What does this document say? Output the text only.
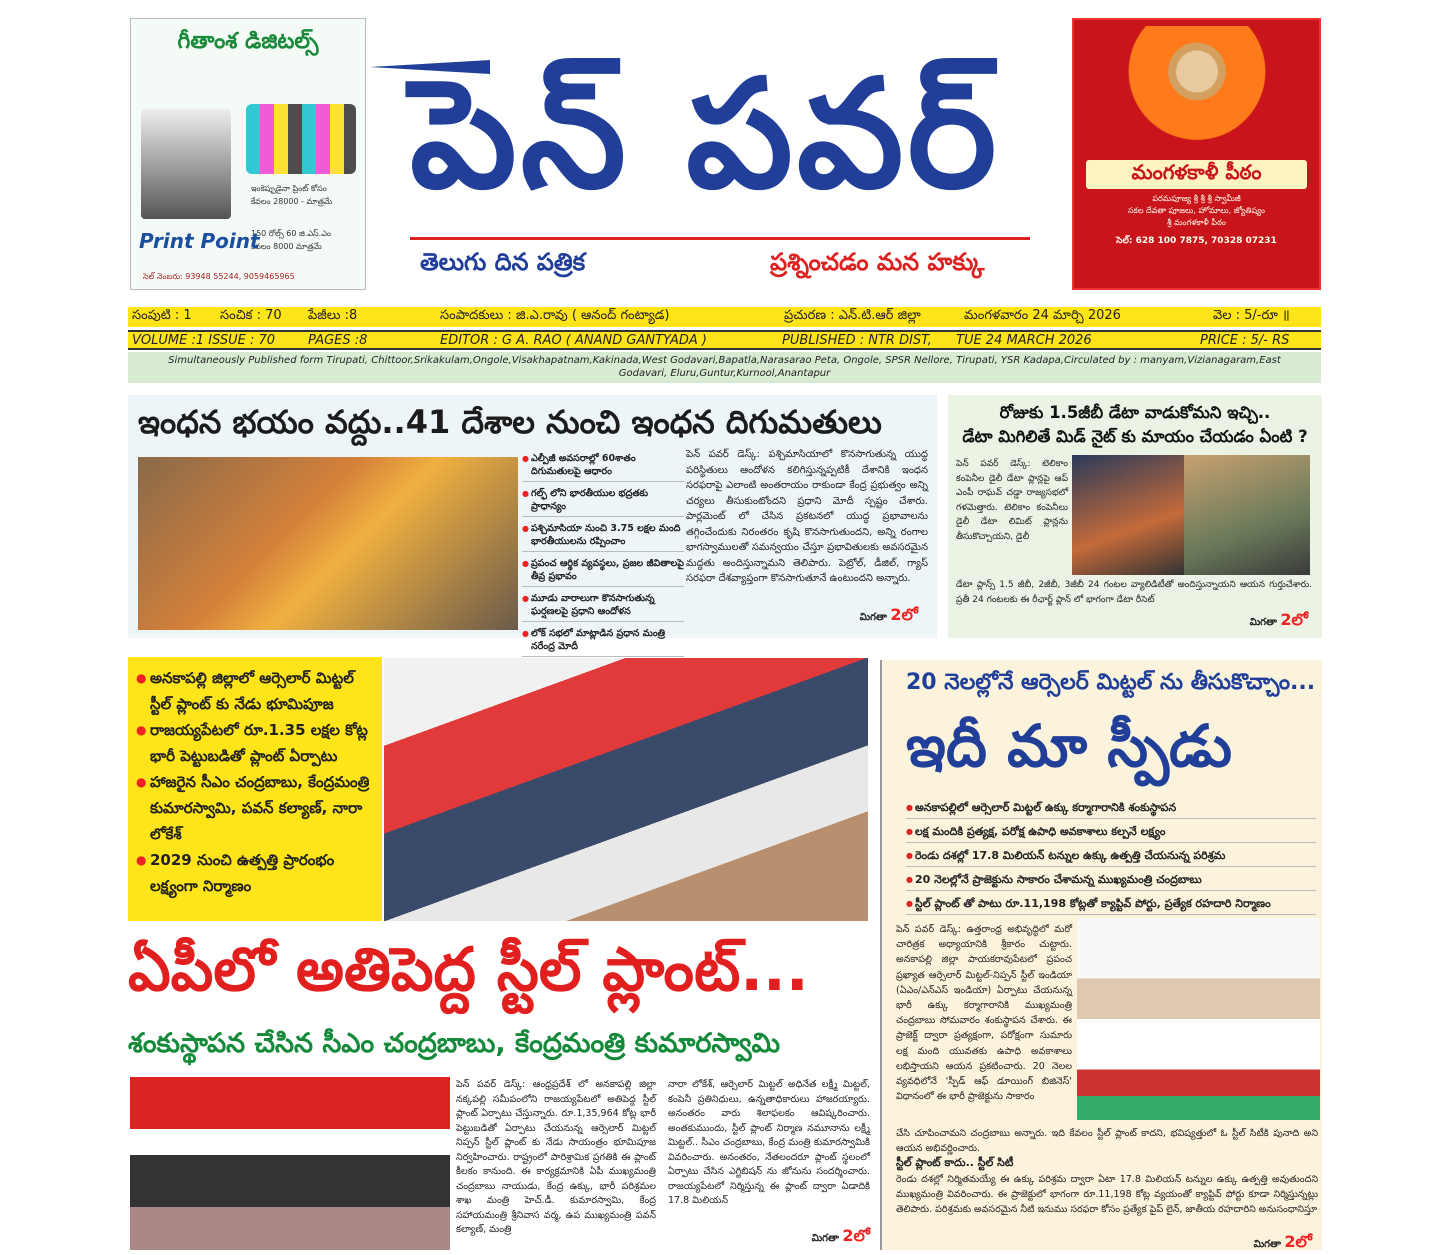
గీతాంశ డిజిటల్స్
ఇంకెప్పుడైనా ప్రింట్ కోసం
కేవలం 28000 - మాత్రమే
150 రోల్స్ 60 జి.ఎస్.ఎం
కేవలం 8000 మాత్రమే
Print Point
సెల్ నెంబరు: 93948 55244, 9059465965
పెన్ పవర్
తెలుగు దిన పత్రిక	ప్రశ్నించడం మన హక్కు
మంగళకాళీ పీఠం
పరమపూజ్య శ్రీ శ్రీ శ్రీ స్వామీజీ
సకల దేవతా పూజలు, హోమాలు, జ్యోతిష్యం
శ్రీ మంగళకాళీ పీఠం
సెల్: 628 100 7875, 70328 07231
సంపుటి : 1 సంచిక : 70 పేజీలు :8	సంపాదకులు : జి.ఎ.రావు ( ఆనంద్ గంట్యాడ)	ప్రచురణ : ఎన్.టి.ఆర్ జిల్లా	మంగళవారం 24 మార్చి 2026	వెల : 5/-రూ ॥
VOLUME :1 ISSUE : 70	PAGES :8	EDITOR : G A. RAO ( ANAND GANTYADA )	PUBLISHED : NTR DIST, TUE 24 MARCH 2026	PRICE : 5/- RS
Simultaneously Published form Tirupati, Chittoor,Srikakulam,Ongole,Visakhapatnam,Kakinada,West Godavari,Bapatla,Narasarao Peta, Ongole, SPSR Nellore, Tirupati, YSR Kadapa,Circulated by : manyam,Vizianagaram,East Godavari, Eluru,Guntur,Kurnool,Anantapur
ఇంధన భయం వద్దు..41 దేశాల నుంచి ఇంధన దిగుమతులు
● ఎల్పీజీ అవసరాల్లో 60శాతం దిగుమతులపై ఆధారం
● గల్ఫ్ లోని భారతీయుల భద్రతకు ప్రాధాన్యం
● పశ్చిమాసియా నుంచి 3.75 లక్షల మంది భారతీయులను రప్పించాం
● ప్రపంచ ఆర్థిక వ్యవస్థలు, ప్రజల జీవితాలపై తీవ్ర ప్రభావం
● మూడు వారాలుగా కొనసాగుతున్న ఘర్షణలపై ప్రధాని ఆందోళన
● లోక్ సభలో మాట్లాడిన ప్రధాన మంత్రి నరేంద్ర మోదీ
పెన్ పవర్ డెస్క్: పశ్చిమాసియాలో కొనసాగుతున్న యుద్ధ పరిస్థితులు ఆందోళన కలిగిస్తున్నప్పటికీ దేశానికి ఇంధన సరఫరాపై ఎలాంటి అంతరాయం రాకుండా కేంద్ర ప్రభుత్వం అన్ని చర్యలు తీసుకుంటోందని ప్రధాని మోదీ స్పష్టం చేశారు. పార్లమెంట్ లో చేసిన ప్రకటనలో యుద్ధ ప్రభావాలను తగ్గించేందుకు నిరంతరం కృషి కొనసాగుతుందని, అన్ని రంగాల భాగస్వాములతో సమన్వయం చేస్తూ ప్రభావితులకు అవసరమైన మద్దతు అందిస్తున్నామని తెలిపారు. పెట్రోల్, డీజిల్, గ్యాస్ సరఫరా దేశవ్యాప్తంగా కొనసాగుతూనే ఉంటుందని అన్నారు.
మిగతా 2లో
రోజుకు 1.5జీబీ డేటా వాడుకోమని ఇచ్చి..
డేటా మిగిలితే మిడ్ నైట్ కు మాయం చేయడం ఏంటి ?
పెన్ పవర్ డెస్క్: టెలికాం కంపెనీల డైలీ డేటా ప్లాన్లపై ఆప్ ఎంపీ రాఘవ్ చడ్డా రాజ్యసభలో గళమెత్తారు. టెలికాం కంపెనీలు డైలీ డేటా లిమిట్ ప్లాన్లను తీసుకొచ్చాయని, డైలీ
డేటా ప్లాన్స్ 1.5 జీబీ, 2జీబీ, 3జీబీ 24 గంటల వ్యాలిడిటీతో అందిస్తున్నాయని ఆయన గుర్తుచేశారు. ప్రతీ 24 గంటలకు ఈ రీఛార్జ్ ప్లాన్ లో భాగంగా డేటా రీసెట్
మిగతా 2లో

● అనకాపల్లి జిల్లాలో ఆర్సెలార్ మిట్టల్ స్టీల్ ప్లాంట్ కు నేడు భూమిపూజ

● రాజయ్యపేటలో రూ.1.35 లక్షల కోట్ల భారీ పెట్టుబడితో ప్లాంట్ ఏర్పాటు

● హాజరైన సీఎం చంద్రబాబు, కేంద్రమంత్రి కుమారస్వామి, పవన్ కల్యాణ్, నారా లోకేశ్

● 2029 నుంచి ఉత్పత్తి ప్రారంభం లక్ష్యంగా నిర్మాణం

ఏపీలో అతిపెద్ద స్టీల్ ప్లాంట్...
శంకుస్థాపన చేసిన సీఎం చంద్రబాబు, కేంద్రమంత్రి కుమారస్వామి
పెన్ పవర్ డెస్క్: ఆంధ్రప్రదేశ్ లో అనకాపల్లి జిల్లా నక్కపల్లి సమీపంలోని రాజయ్యపేటలో అతిపెద్ద స్టీల్ ప్లాంట్ ఏర్పాటు చేస్తున్నారు. రూ.1,35,964 కోట్ల భారీ పెట్టుబడితో ఏర్పాటు చేయనున్న ఆర్సెలార్ మిట్టల్ నిప్పన్ స్టీల్ ప్లాంట్ కు నేడు సాయంత్రం భూమిపూజ నిర్వహించారు. రాష్ట్రంలో పారిశ్రామిక ప్రగతికి ఈ ప్లాంట్ కీలకం కానుంది. ఈ కార్యక్రమానికి ఏపీ ముఖ్యమంత్రి చంద్రబాబు నాయుడు, కేంద్ర ఉక్కు, భారీ పరిశ్రమల శాఖ మంత్రి హెచ్.డీ. కుమారస్వామి, కేంద్ర సహాయమంత్రి శ్రీనివాస వర్మ, ఉప ముఖ్యమంత్రి పవన్ కల్యాణ్, మంత్రి
నారా లోకేశ్, ఆర్సెలార్ మిట్టల్ అధినేత లక్ష్మీ మిట్టల్, కంపెనీ ప్రతినిధులు, ఉన్నతాధికారులు హాజరయ్యారు. అనంతరం వారు శిలాఫలకం ఆవిష్కరించారు. అంతకుముందు, స్టీల్ ప్లాంట్ నిర్మాణ నమూనాను లక్ష్మీ మిట్టల్.. సీఎం చంద్రబాబు, కేంద్ర మంత్రి కుమారస్వామికి వివరించారు. అనంతరం, నేతలందరూ ప్లాంట్ స్థలంలో ఏర్పాటు చేసిన ఎగ్జిబిషన్ ను జోనును సందర్శించారు. రాజయ్యపేటలో నిర్మిస్తున్న ఈ ప్లాంట్ ద్వారా ఏడాదికి 17.8 మిలియన్
మిగతా 2లో
20 నెలల్లోనే ఆర్సెలర్ మిట్టల్ ను తీసుకొచ్చాం...
ఇదీ మా స్పీడు
● అనకాపల్లిలో ఆర్సెలార్ మిట్టల్ ఉక్కు కర్మాగారానికి శంకుస్థాపన
● లక్ష మందికి ప్రత్యక్ష, పరోక్ష ఉపాధి అవకాశాలు కల్పనే లక్ష్యం
● రెండు దశల్లో 17.8 మిలియన్ టన్నుల ఉక్కు ఉత్పత్తి చేయనున్న పరిశ్రమ
● 20 నెలల్లోనే ప్రాజెక్టును సాకారం చేశామన్న ముఖ్యమంత్రి చంద్రబాబు
● స్టీల్ ప్లాంట్ తో పాటు రూ.11,198 కోట్లతో క్యాప్టివ్ పోర్టు, ప్రత్యేక రహదారి నిర్మాణం
పెన్ పవర్ డెస్క్: ఉత్తరాంధ్ర అభివృద్ధిలో మరో చారిత్రక అధ్యాయానికి శ్రీకారం చుట్టారు. అనకాపల్లి జిల్లా పాయకరావుపేటలో ప్రపంచ ప్రఖ్యాత ఆర్సెలార్ మిట్టల్-నిప్పన్ స్టీల్ ఇండియా (ఏఎం/ఎన్ఎస్ ఇండియా) ఏర్పాటు చేయనున్న భారీ ఉక్కు కర్మాగారానికి ముఖ్యమంత్రి చంద్రబాబు సోమవారం శంకుస్థాపన చేశారు. ఈ ప్రాజెక్ట్ ద్వారా ప్రత్యక్షంగా, పరోక్షంగా సుమారు లక్ష మంది యువతకు ఉపాధి అవకాశాలు లభిస్తాయని ఆయన ప్రకటించారు. 20 నెలల వ్యవధిలోనే 'స్పీడ్ ఆఫ్ డూయింగ్ బిజినెస్' విధానంలో ఈ భారీ ప్రాజెక్టును సాకారం
చేసి చూపించామని చంద్రబాబు అన్నారు. ఇది కేవలం స్టీల్ ప్లాంట్ కాదని, భవిష్యత్తులో ఓ స్టీల్ సిటీకి పునాది అని ఆయన అభివర్ణించారు.
స్టీల్ ప్లాంట్ కాదు.. స్టీల్ సిటీ
రెండు దశల్లో నిర్మితమయ్యే ఈ ఉక్కు పరిశ్రమ ద్వారా ఏటా 17.8 మిలియన్ టన్నుల ఉక్కు ఉత్పత్తి అవుతుందని ముఖ్యమంత్రి వివరించారు. ఈ ప్రాజెక్టులో భాగంగా రూ.11,198 కోట్ల వ్యయంతో క్యాప్టివ్ పోర్టు కూడా నిర్మిస్తున్నట్లు తెలిపారు. పరిశ్రమకు అవసరమైన నీటి ఇనుము సరఫరా కోసం ప్రత్యేక పైప్ లైన్, జాతీయ రహదారిని అనుసంధానిస్తూ
మిగతా 2లో
